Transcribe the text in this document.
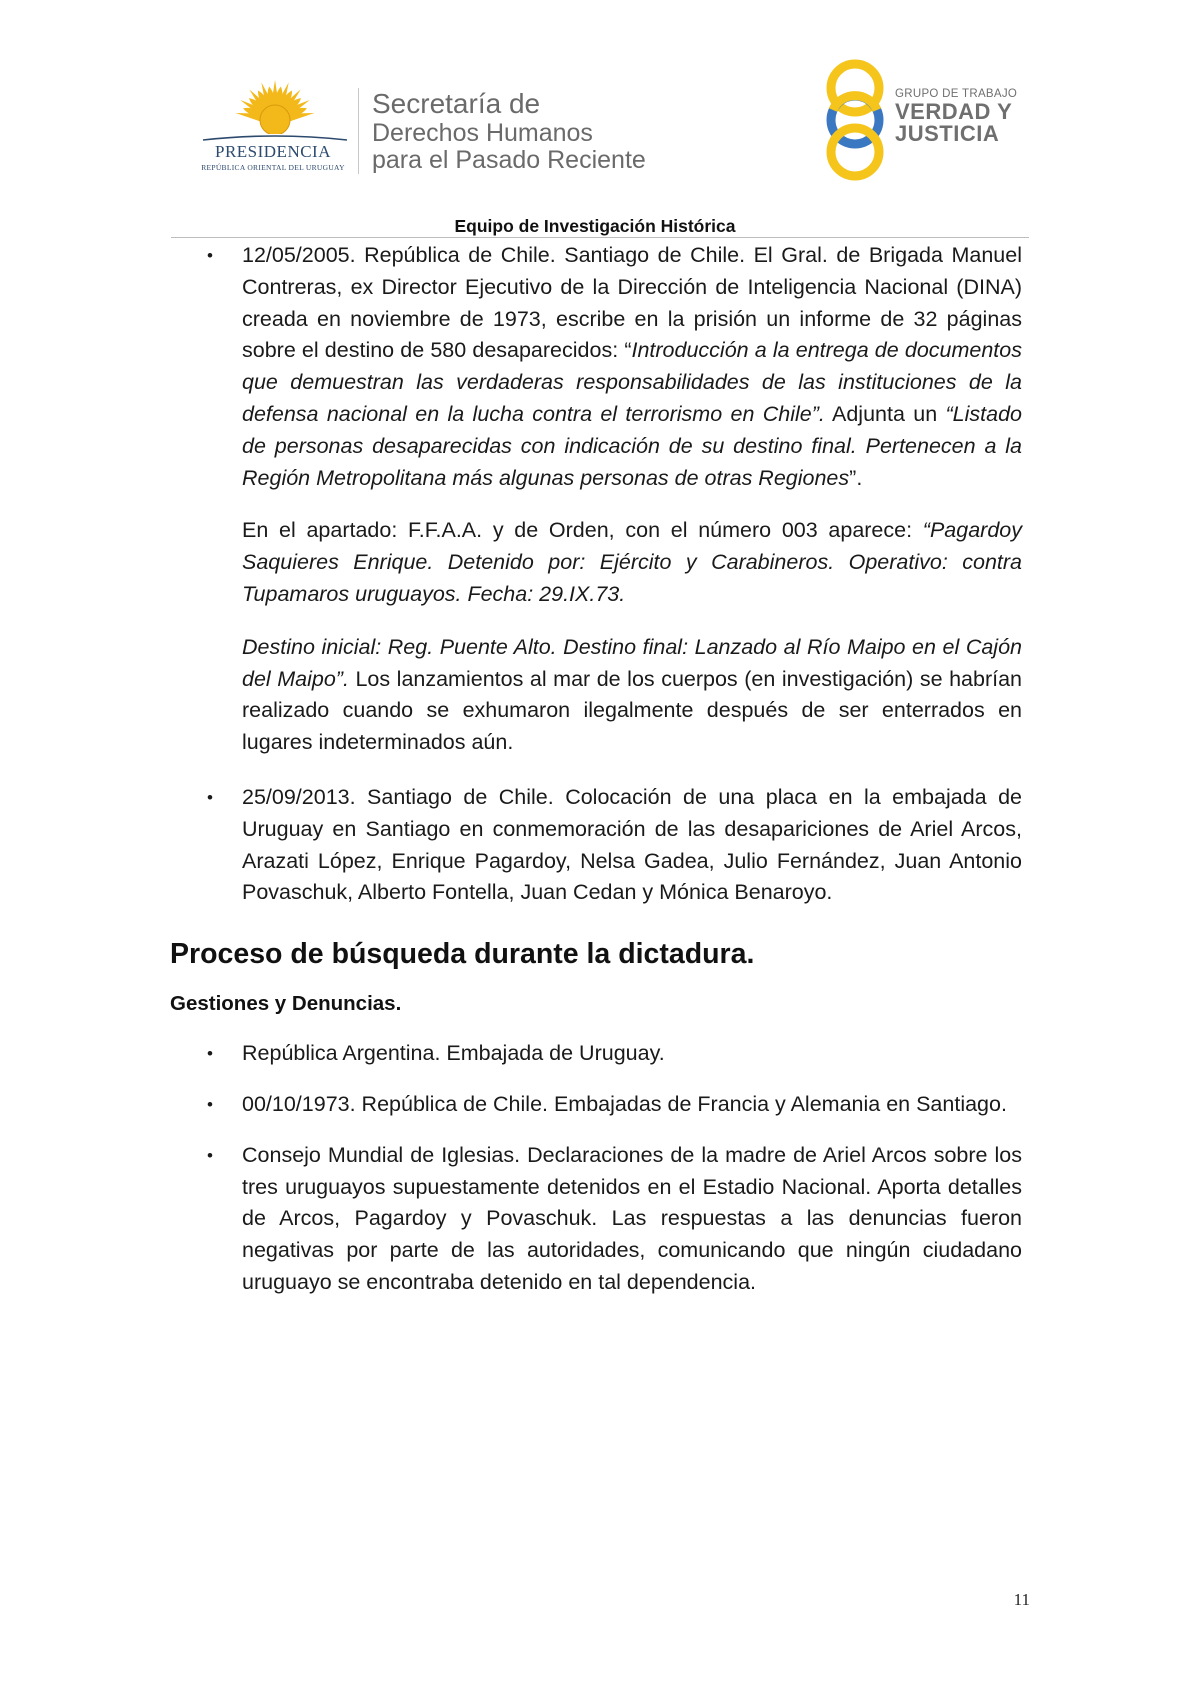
PRESIDENCIA
REPÚBLICA ORIENTAL DEL URUGUAY
Secretaría de
Derechos Humanos
para el Pasado Reciente
GRUPO DE TRABAJO
VERDAD Y
JUSTICIA
Equipo de Investigación Histórica
• 12/05/2005. República de Chile. Santiago de Chile. El Gral. de Brigada Manuel Contreras, ex Director Ejecutivo de la Dirección de Inteligencia Nacional (DINA) creada en noviembre de 1973, escribe en la prisión un informe de 32 páginas sobre el destino de 580 desaparecidos: “Introducción a la entrega de documentos que demuestran las verdaderas responsabilidades de las instituciones de la defensa nacional en la lucha contra el terrorismo en Chile”. Adjunta un “Listado de personas desaparecidas con indicación de su destino final. Pertenecen a la Región Metropolitana más algunas personas de otras Regiones”.
En el apartado: F.F.A.A. y de Orden, con el número 003 aparece: “Pagardoy Saquieres Enrique. Detenido por: Ejército y Carabineros. Operativo: contra Tupamaros uruguayos. Fecha: 29.IX.73.
Destino inicial: Reg. Puente Alto. Destino final: Lanzado al Río Maipo en el Cajón del Maipo”. Los lanzamientos al mar de los cuerpos (en investigación) se habrían realizado cuando se exhumaron ilegalmente después de ser enterrados en lugares indeterminados aún.
• 25/09/2013. Santiago de Chile. Colocación de una placa en la embajada de Uruguay en Santiago en conmemoración de las desapariciones de Ariel Arcos, Arazati López, Enrique Pagardoy, Nelsa Gadea, Julio Fernández, Juan Antonio Povaschuk, Alberto Fontella, Juan Cedan y Mónica Benaroyo.
Proceso de búsqueda durante la dictadura.
Gestiones y Denuncias.
• República Argentina. Embajada de Uruguay.
• 00/10/1973. República de Chile. Embajadas de Francia y Alemania en Santiago.
• Consejo Mundial de Iglesias. Declaraciones de la madre de Ariel Arcos sobre los tres uruguayos supuestamente detenidos en el Estadio Nacional. Aporta detalles de Arcos, Pagardoy y Povaschuk. Las respuestas a las denuncias fueron negativas por parte de las autoridades, comunicando que ningún ciudadano uruguayo se encontraba detenido en tal dependencia.
11
